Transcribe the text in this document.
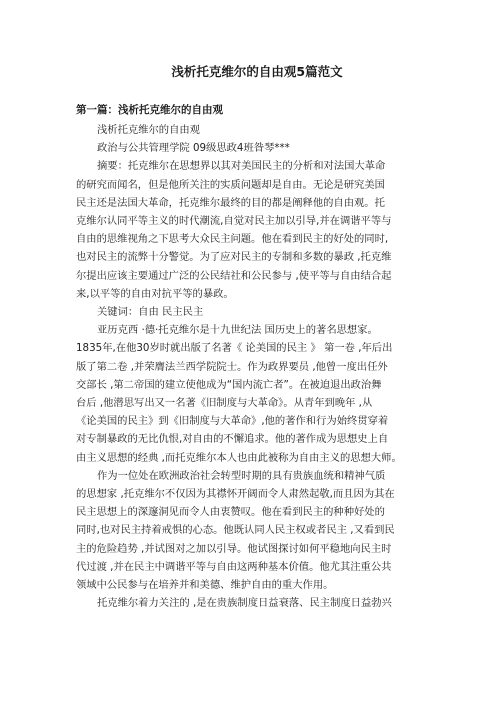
浅析托克维尔的自由观5篇范文
第一篇：浅析托克维尔的自由观
浅析托克维尔的自由观
政治与公共管理学院 09级思政4班昝琴***
摘要：托克维尔在思想界以其对美国民主的分析和对法国大革命
的研究而闻名，但是他所关注的实质问题却是自由。无论是研究美国
民主还是法国大革命，托克维尔最终的目的都是阐释他的自由观。托
克维尔认同平等主义的时代潮流,自觉对民主加以引导,并在调谐平等与
自由的思维视角之下思考大众民主问题。他在看到民主的好处的同时,
也对民主的流弊十分警觉。为了应对民主的专制和多数的暴政 ,托克维
尔提出应该主要通过广泛的公民结社和公民参与 ,使平等与自由结合起
来,以平等的自由对抗平等的暴政。
关键词：自由 民主民主
亚历克西 ·德·托克维尔是十九世纪法 国历史上的著名思想家。
1835年,在他30岁时就出版了名著《 论美国的民主 》 第一卷 ,年后出
版了第二卷 ,并荣膺法兰西学院院士。作为政界要员 ,他曾一度出任外
交部长 ,第二帝国的建立使他成为“国内流亡者”。在被迫退出政治舞
台后 ,他潜思写出又一名著《旧制度与大革命》。从青年到晚年 ,从
《论美国的民主》到《旧制度与大革命》,他的著作和行为始终贯穿着
对专制暴政的无比仇恨,对自由的不懈追求。他的著作成为思想史上自
由主义思想的经典 ,而托克维尔本人也由此被称为自由主义的思想大师。
作为一位处在欧洲政治社会转型时期的具有贵族血统和精神气质
的思想家 ,托克维尔不仅因为其襟怀开阔而令人肃然起敬,而且因为其在
民主思想上的深邃洞见而令人由衷赞叹。他在看到民主的种种好处的
同时,也对民主持着戒惧的心态。他既认同人民主权或者民主 ,又看到民
主的危险趋势 ,并试图对之加以引导。他试图探讨如何平稳地向民主时
代过渡 ,并在民主中调谐平等与自由这两种基本价值。他尤其注重公共
领域中公民参与在培养并和美德、维护自由的重大作用。
托克维尔着力关注的 ,是在贵族制度日益衰落、民主制度日益勃兴
